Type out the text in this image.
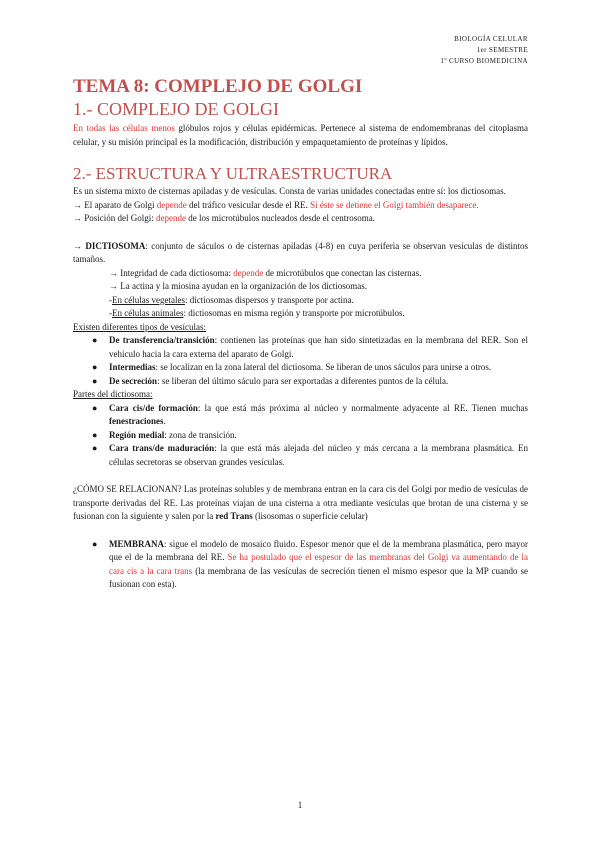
BIOLOGÍA CELULAR
1er SEMESTRE
1º CURSO BIOMEDICINA
TEMA 8: COMPLEJO DE GOLGI
1.- COMPLEJO DE GOLGI

En todas las células menos glóbulos rojos y células epidérmicas. Pertenece al sistema de endomembranas del citoplasma celular, y su misión principal es la modificación, distribución y empaquetamiento de proteínas y lípidos.

2.- ESTRUCTURA Y ULTRAESTRUCTURA

Es un sistema mixto de cisternas apiladas y de vesículas. Consta de varias unidades conectadas entre sí: los dictiosomas.

→ El aparato de Golgi depende del tráfico vesicular desde el RE. Si éste se detiene el Golgi también desaparece.

→ Posición del Golgi: depende de los microtúbulos nucleados desde el centrosoma.

→ DICTIOSOMA: conjunto de sáculos o de cisternas apiladas (4-8) en cuya periferia se observan vesículas de distintos tamaños.

→ Integridad de cada dictiosoma: depende de microtúbulos que conectan las cisternas.

→ La actina y la miosina ayudan en la organización de los dictiosomas.

-En células vegetales: dictiosomas dispersos y transporte por actina.

-En células animales: dictiosomas en misma región y transporte por microtúbulos.

Existen diferentes tipos de vesículas:

● De transferencia/transición: contienen las proteínas que han sido sintetizadas en la membrana del RER. Son el vehículo hacia la cara externa del aparato de Golgi.
● Intermedias: se localizan en la zona lateral del dictiosoma. Se liberan de unos sáculos para unirse a otros.
● De secreción: se liberan del último sáculo para ser exportadas a diferentes puntos de la célula.

Partes del dictiosoma:

● Cara cis/de formación: la que está más próxima al núcleo y normalmente adyacente al RE. Tienen muchas fenestraciones.
● Región medial: zona de transición.
● Cara trans/de maduración: la que está más alejada del núcleo y más cercana a la membrana plasmática. En células secretoras se observan grandes vesículas.

¿CÓMO SE RELACIONAN? Las proteínas solubles y de membrana entran en la cara cis del Golgi por medio de vesículas de transporte derivadas del RE. Las proteínas viajan de una cisterna a otra mediante vesículas que brotan de una cisterna y se fusionan con la siguiente y salen por la red Trans (lisosomas o superficie celular)

● MEMBRANA: sigue el modelo de mosaico fluido. Espesor menor que el de la membrana plasmática, pero mayor que el de la membrana del RE. Se ha postulado que el espesor de las membranas del Golgi va aumentando de la cara cis a la cara trans (la membrana de las vesículas de secreción tienen el mismo espesor que la MP cuando se fusionan con esta).
1
